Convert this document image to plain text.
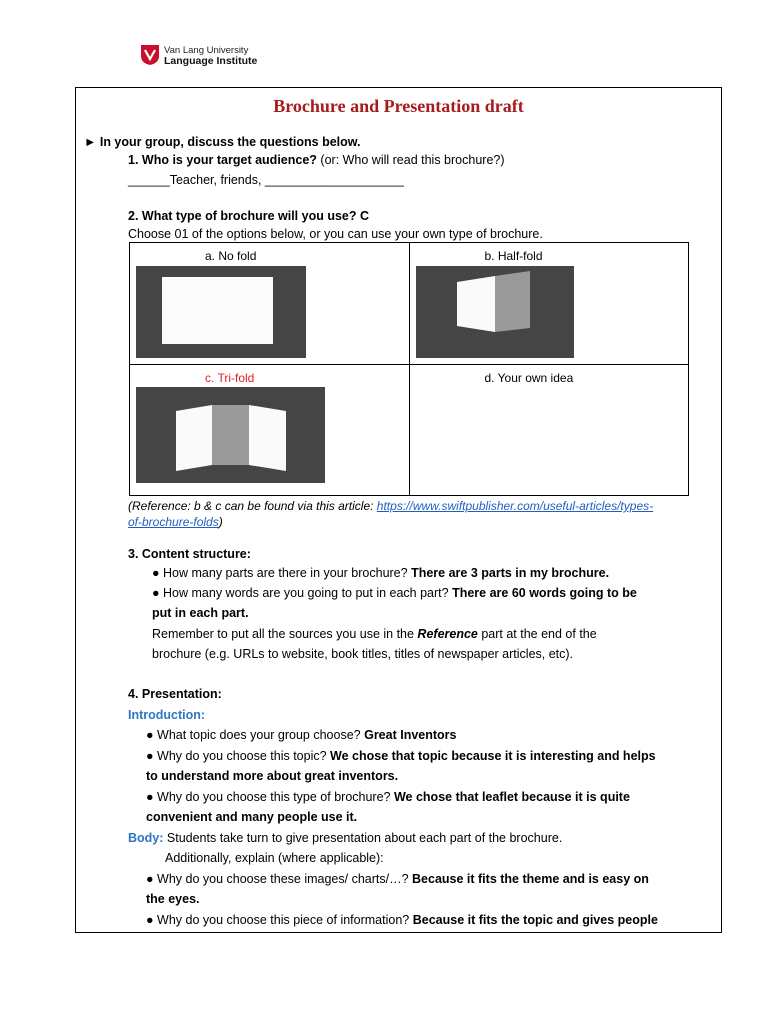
Van Lang University
Language Institute
Brochure and Presentation draft
► In your group, discuss the questions below.
1. Who is your target audience? (or: Who will read this brochure?)
______Teacher, friends, ____________________
2. What type of brochure will you use? C
Choose 01 of the options below, or you can use your own type of brochure.
a. No fold	b. Half-fold

c. Tri-fold	d. Your own idea
(Reference: b & c can be found via this article: https://www.swiftpublisher.com/useful-articles/types-
of-brochure-folds)
3. Content structure:
● How many parts are there in your brochure? There are 3 parts in my brochure.
● How many words are you going to put in each part? There are 60 words going to be
put in each part.
Remember to put all the sources you use in the Reference part at the end of the
brochure (e.g. URLs to website, book titles, titles of newspaper articles, etc).
4. Presentation:
Introduction:
● What topic does your group choose? Great Inventors
● Why do you choose this topic? We chose that topic because it is interesting and helps
to understand more about great inventors.
● Why do you choose this type of brochure? We chose that leaflet because it is quite
convenient and many people use it.
Body: Students take turn to give presentation about each part of the brochure.
Additionally, explain (where applicable):
● Why do you choose these images/ charts/…? Because it fits the theme and is easy on
the eyes.
● Why do you choose this piece of information? Because it fits the topic and gives people
